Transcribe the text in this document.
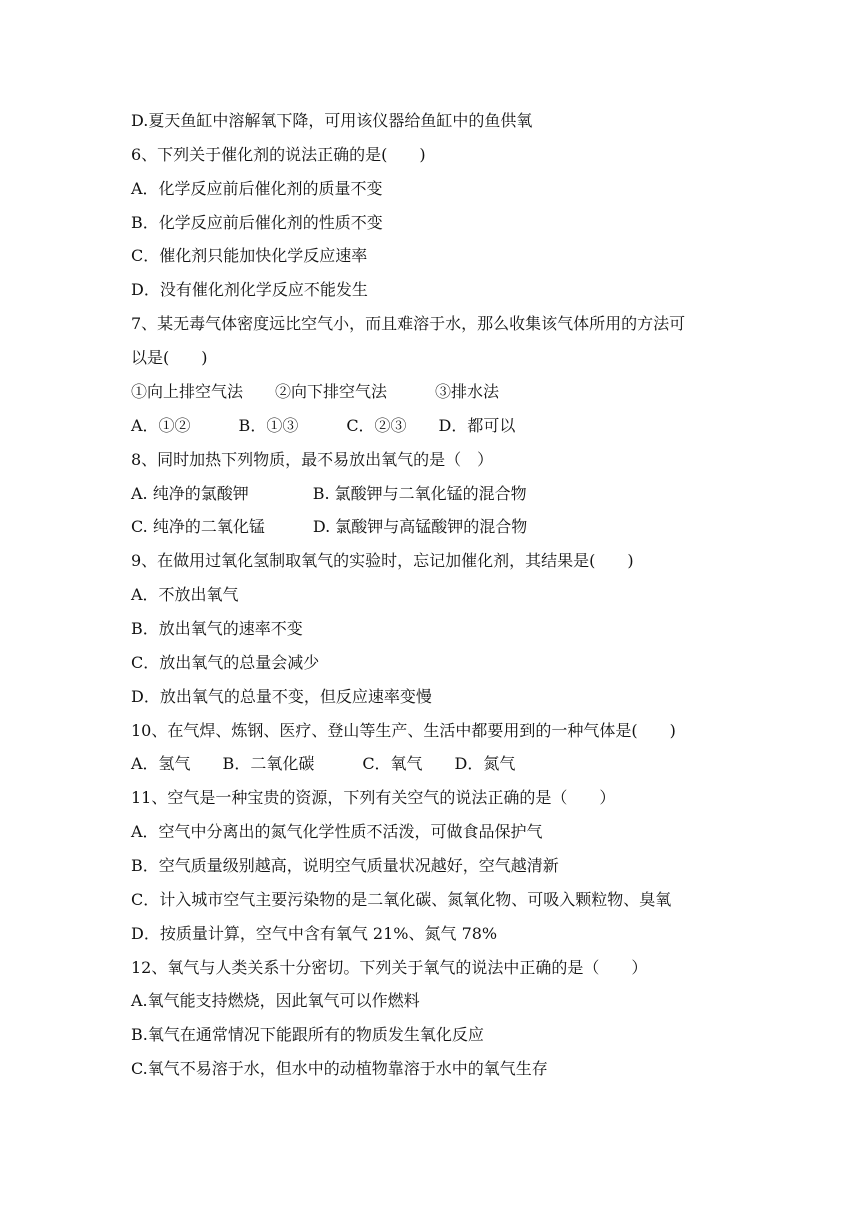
D.夏天鱼缸中溶解氧下降，可用该仪器给鱼缸中的鱼供氧
6、下列关于催化剂的说法正确的是(　　)
A．化学反应前后催化剂的质量不变
B．化学反应前后催化剂的性质不变
C．催化剂只能加快化学反应速率
D．没有催化剂化学反应不能发生
7、某无毒气体密度远比空气小，而且难溶于水，那么收集该气体所用的方法可
以是(　　)
①向上排空气法　　②向下排空气法　　　③排水法
A．①②　　　B．①③　　　C．②③　　D．都可以
8、同时加热下列物质，最不易放出氧气的是（　）
A. 纯净的氯酸钾　　　　B. 氯酸钾与二氧化锰的混合物
C. 纯净的二氧化锰　　　D. 氯酸钾与高锰酸钾的混合物
9、在做用过氧化氢制取氧气的实验时，忘记加催化剂，其结果是(　　)
A．不放出氧气
B．放出氧气的速率不变
C．放出氧气的总量会减少
D．放出氧气的总量不变，但反应速率变慢
10、在气焊、炼钢、医疗、登山等生产、生活中都要用到的一种气体是(　　)
A．氢气　　B．二氧化碳　　　C．氧气　　D．氮气
11、空气是一种宝贵的资源，下列有关空气的说法正确的是（　　）
A．空气中分离出的氮气化学性质不活泼，可做食品保护气
B．空气质量级别越高，说明空气质量状况越好，空气越清新
C．计入城市空气主要污染物的是二氧化碳、氮氧化物、可吸入颗粒物、臭氧
D．按质量计算，空气中含有氧气 21%、氮气 78%
12、氧气与人类关系十分密切。下列关于氧气的说法中正确的是（　　）
A.氧气能支持燃烧，因此氧气可以作燃料
B.氧气在通常情况下能跟所有的物质发生氧化反应
C.氧气不易溶于水，但水中的动植物靠溶于水中的氧气生存
